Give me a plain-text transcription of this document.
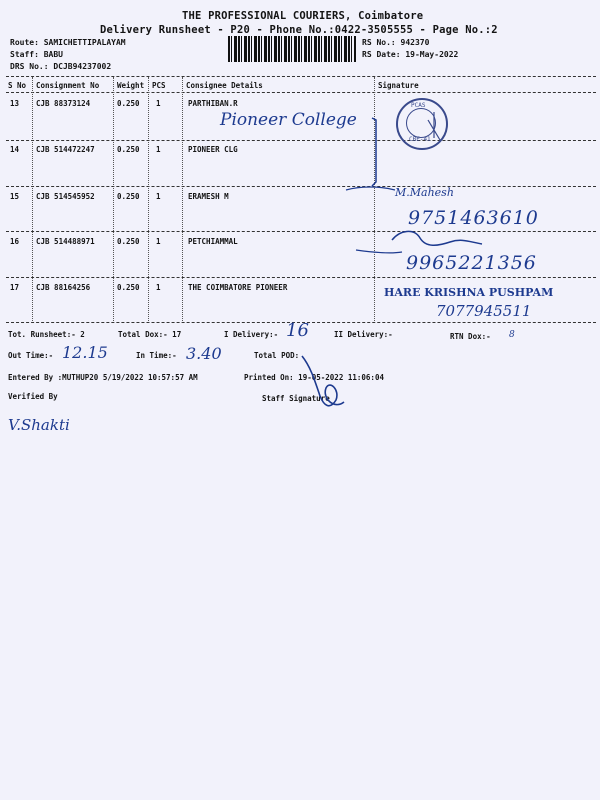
THE PROFESSIONAL COURIERS, Coimbatore
Delivery Runsheet - P20 - Phone No.:0422-3505555 - Page No.:2
Route: SAMICHETTIPALAYAM
Staff: BABU
DRS No.: DCJB94237002
RS No.: 942370
RS Date: 19-May-2022
S No Consignment No Weight PCS	Consignee Details	Signature
13 CJB 88373124	0.250 1	PARTHIBAN.R
14 CJB 514472247	0.250 1	PIONEER CLG
15 CJB 514545952	0.250 1	ERAMESH M
16 CJB 514488971	0.250 1	PETCHIAMMAL
17 CJB 88164256	0.250 1	THE COIMBATORE PIONEER
Tot. Runsheet:- 2	Total Dox:- 17	I Delivery:-	II Delivery:-	RTN Dox:-
Out Time:-	In Time:-	Total POD:
Entered By :MUTHUP20 5/19/2022 10:57:57 AM	Printed On: 19-05-2022 11:06:04
Verified By	Staff Signature
PCAS
CBE-41
Pioneer College
M.Mahesh
9751463610
9965221356
HARE KRISHNA PUSHPAM
7077945511
16	8
12.15	3.40
V.Shakti
